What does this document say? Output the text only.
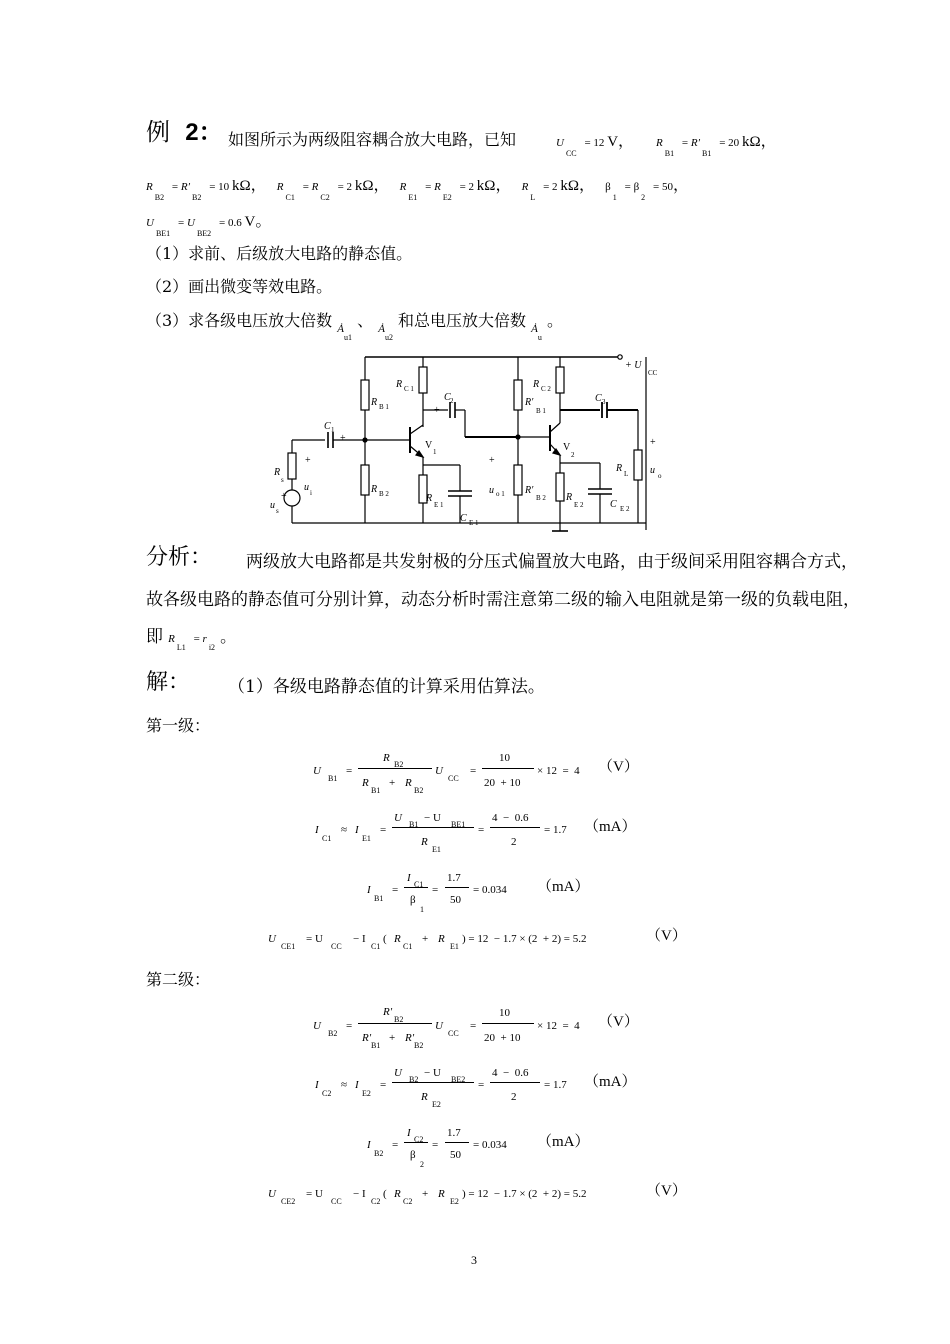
例 2： 如图所示为两级阻容耦合放大电路，已知	U $_{CC}$  = 12 V， R $_{B1}$  = R′ $_{B1}$  = 20 kΩ，
R $_{B2}$  = R′ $_{B2}$  = 10 kΩ，  R $_{C1}$  = R $_{C2}$  = 2 kΩ，  R $_{E1}$  = R $_{E2}$  = 2 kΩ，  R $_L$  = 2 kΩ，  β $_1$  = β $_2$  = 50，
U $_{BE1}$  = U $_{BE2}$  = 0.6 V。
（1）求前、后级放大电路的静态值。
（2）画出微变等效电路。
（3）求各级电压放大倍数 $_{Ȧu1}$ 、 $_{Ȧu2}$ 和总电压放大倍数 $_{Ȧu}$ 。
+ U
CC
R B 1
R B 2
R C 1
C 2
+
C 1
+
V
1
+
R
s
u i
+
u s
R
E 1
C E 1
+
u o 1
R′
B 1
R′
B 2
R C 2
V
2
C 3
R
E 2	C E 2
R L
+
u o
分析： 两级放大电路都是共发射极的分压式偏置放大电路，由于级间采用阻容耦合方式，
故各级电路的静态值可分别计算，动态分析时需注意第二级的输入电阻就是第一级的负载电阻，
即 R $_{L1}$  = r $_{i2}$ 。
解： （1）各级电路静态值的计算采用估算法。
第一级：
U
B1
=
R
B2
R
B1
+ R
B2
U
CC
=
10
20  + 10
× 12  =  4 （V）
I
C1
≈ I
E1
=
U
B1
− U
BE1
R
E1
=
4  −  0.6
2
= 1.7 （mA）
I
B1
=
I
C1
β
1
=
1.7
50
= 0.034 （mA）
U
CE1
= U
CC
− I
C1
( R
C1
+ R
E1
) = 12  − 1.7 × (2  + 2) = 5.2	（V）
第二级：
U
B2
=
R′
B2
R′
B1
+ R′
B2
U
CC
=
10
20  + 10
× 12  =  4 （V）
I
C2
≈ I
E2
=
U
B2
− U
BE2
R
E2
=
4  −  0.6
2
= 1.7 （mA）
I
B2
=
I
C2
β
2
=
1.7
50
= 0.034 （mA）
U
CE2
= U
CC
− I
C2
( R
C2
+ R
E2
) = 12  − 1.7 × (2  + 2) = 5.2	（V）
3
